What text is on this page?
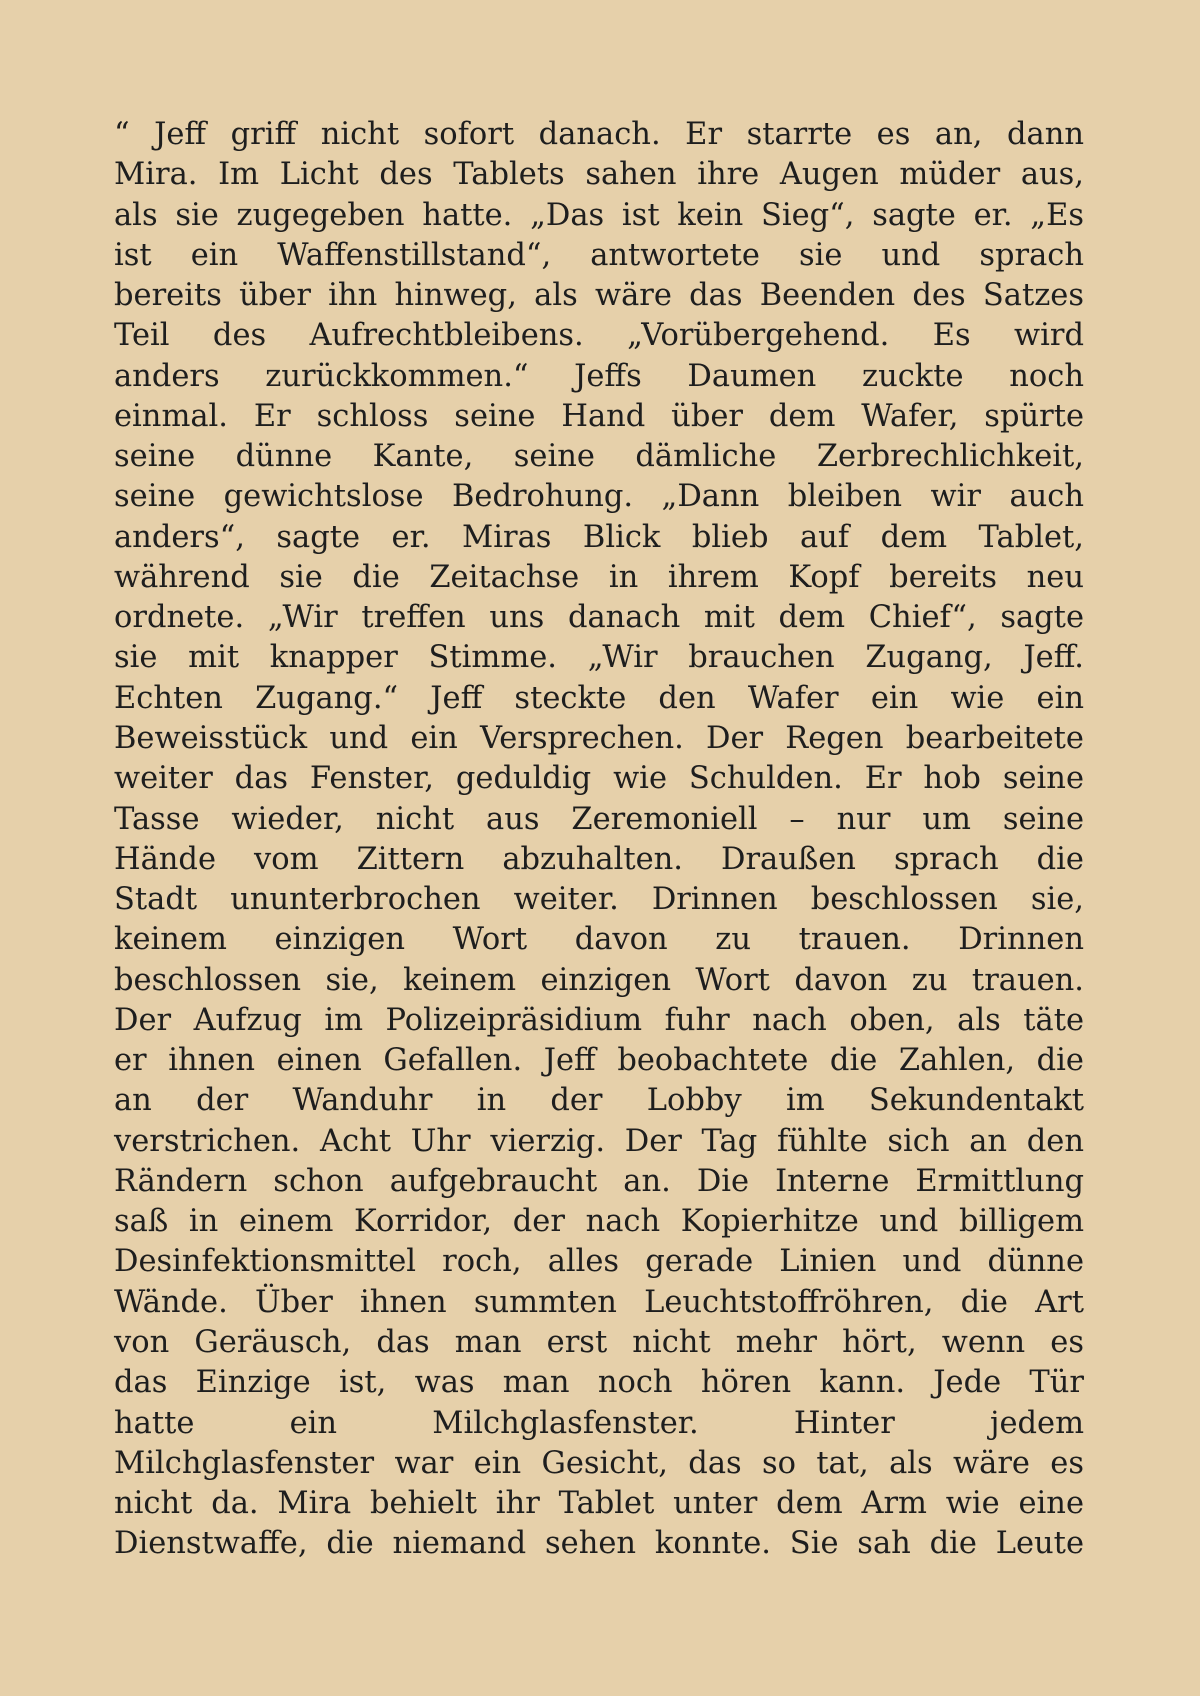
“ Jeff griff nicht sofort danach. Er starrte es an, dann
Mira. Im Licht des Tablets sahen ihre Augen müder aus,
als sie zugegeben hatte. „Das ist kein Sieg“, sagte er. „Es
ist ein Waffenstillstand“, antwortete sie und sprach
bereits über ihn hinweg, als wäre das Beenden des Satzes
Teil des Aufrechtbleibens. „Vorübergehend. Es wird
anders zurückkommen.“ Jeffs Daumen zuckte noch
einmal. Er schloss seine Hand über dem Wafer, spürte
seine dünne Kante, seine dämliche Zerbrechlichkeit,
seine gewichtslose Bedrohung. „Dann bleiben wir auch
anders“, sagte er. Miras Blick blieb auf dem Tablet,
während sie die Zeitachse in ihrem Kopf bereits neu
ordnete. „Wir treffen uns danach mit dem Chief“, sagte
sie mit knapper Stimme. „Wir brauchen Zugang, Jeff.
Echten Zugang.“ Jeff steckte den Wafer ein wie ein
Beweisstück und ein Versprechen. Der Regen bearbeitete
weiter das Fenster, geduldig wie Schulden. Er hob seine
Tasse wieder, nicht aus Zeremoniell – nur um seine
Hände vom Zittern abzuhalten. Draußen sprach die
Stadt ununterbrochen weiter. Drinnen beschlossen sie,
keinem einzigen Wort davon zu trauen. Drinnen
beschlossen sie, keinem einzigen Wort davon zu trauen.
Der Aufzug im Polizeipräsidium fuhr nach oben, als täte
er ihnen einen Gefallen. Jeff beobachtete die Zahlen, die
an der Wanduhr in der Lobby im Sekundentakt
verstrichen. Acht Uhr vierzig. Der Tag fühlte sich an den
Rändern schon aufgebraucht an. Die Interne Ermittlung
saß in einem Korridor, der nach Kopierhitze und billigem
Desinfektionsmittel roch, alles gerade Linien und dünne
Wände. Über ihnen summten Leuchtstoffröhren, die Art
von Geräusch, das man erst nicht mehr hört, wenn es
das Einzige ist, was man noch hören kann. Jede Tür
hatte ein Milchglasfenster. Hinter jedem
Milchglasfenster war ein Gesicht, das so tat, als wäre es
nicht da. Mira behielt ihr Tablet unter dem Arm wie eine
Dienstwaffe, die niemand sehen konnte. Sie sah die Leute
